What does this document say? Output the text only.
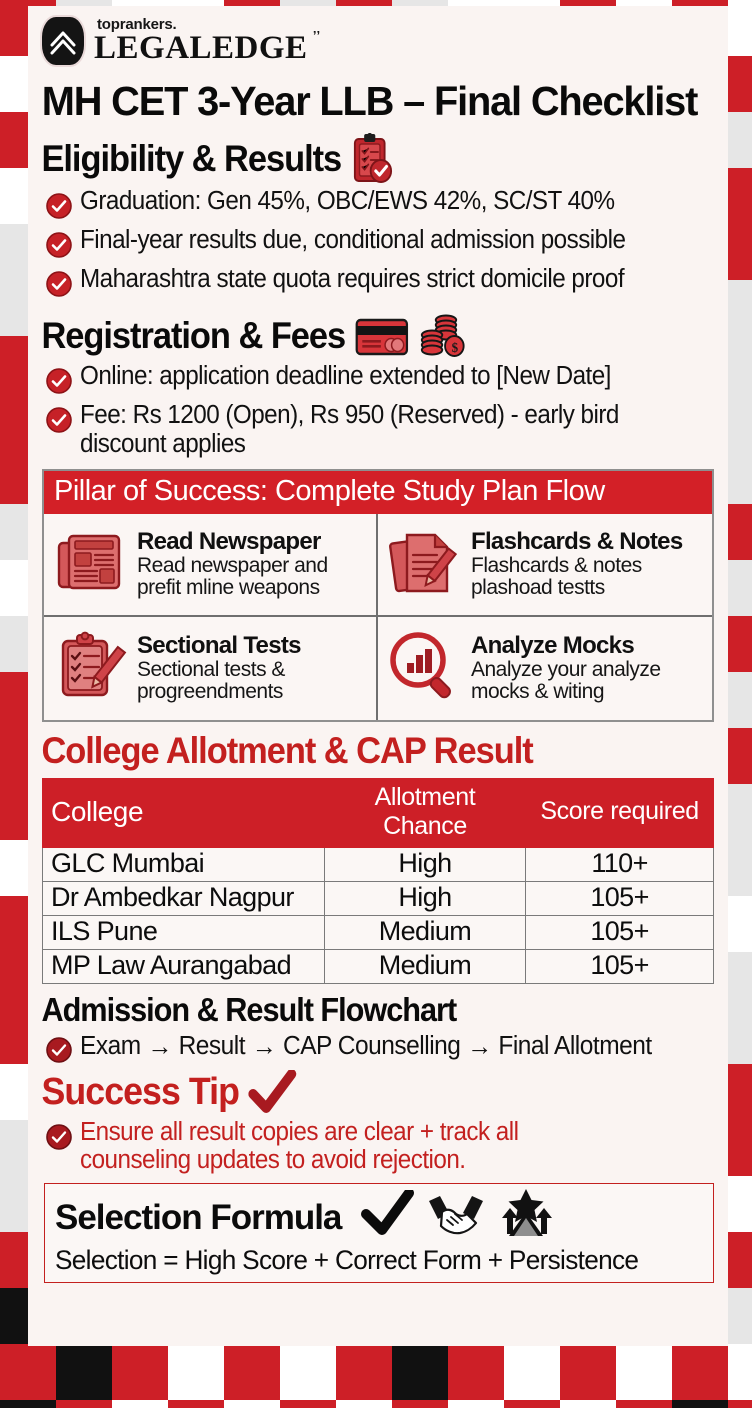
toprankers.
LEGALEDGE ’’
MH CET 3-Year LLB – Final Checklist
Eligibility & Results
Graduation: Gen 45%, OBC/EWS 42%, SC/ST 40%
Final-year results due, conditional admission possible
Maharashtra state quota requires strict domicile proof
Registration & Fees	$
Online: application deadline extended to [New Date]
Fee: Rs 1200 (Open), Rs 950 (Reserved) - early bird discount applies
Pillar of Success: Complete Study Plan Flow
Read Newspaper
Read newspaper and prefit mline weapons
Flashcards & Notes
Flashcards & notes plashoad testts
Sectional Tests
Sectional tests & progreendments
Analyze Mocks
Analyze your analyze mocks & witing
College Allotment & CAP Result
College	Allotment Chance	Score required
GLC Mumbai	High	110+
Dr Ambedkar Nagpur	High	105+
ILS Pune	Medium	105+
MP Law Aurangabad	Medium	105+
Admission & Result Flowchart
Exam → Result → CAP Counselling → Final Allotment
Success Tip
Ensure all result copies are clear + track all counseling updates to avoid rejection.
Selection Formula
Selection = High Score + Correct Form + Persistence
